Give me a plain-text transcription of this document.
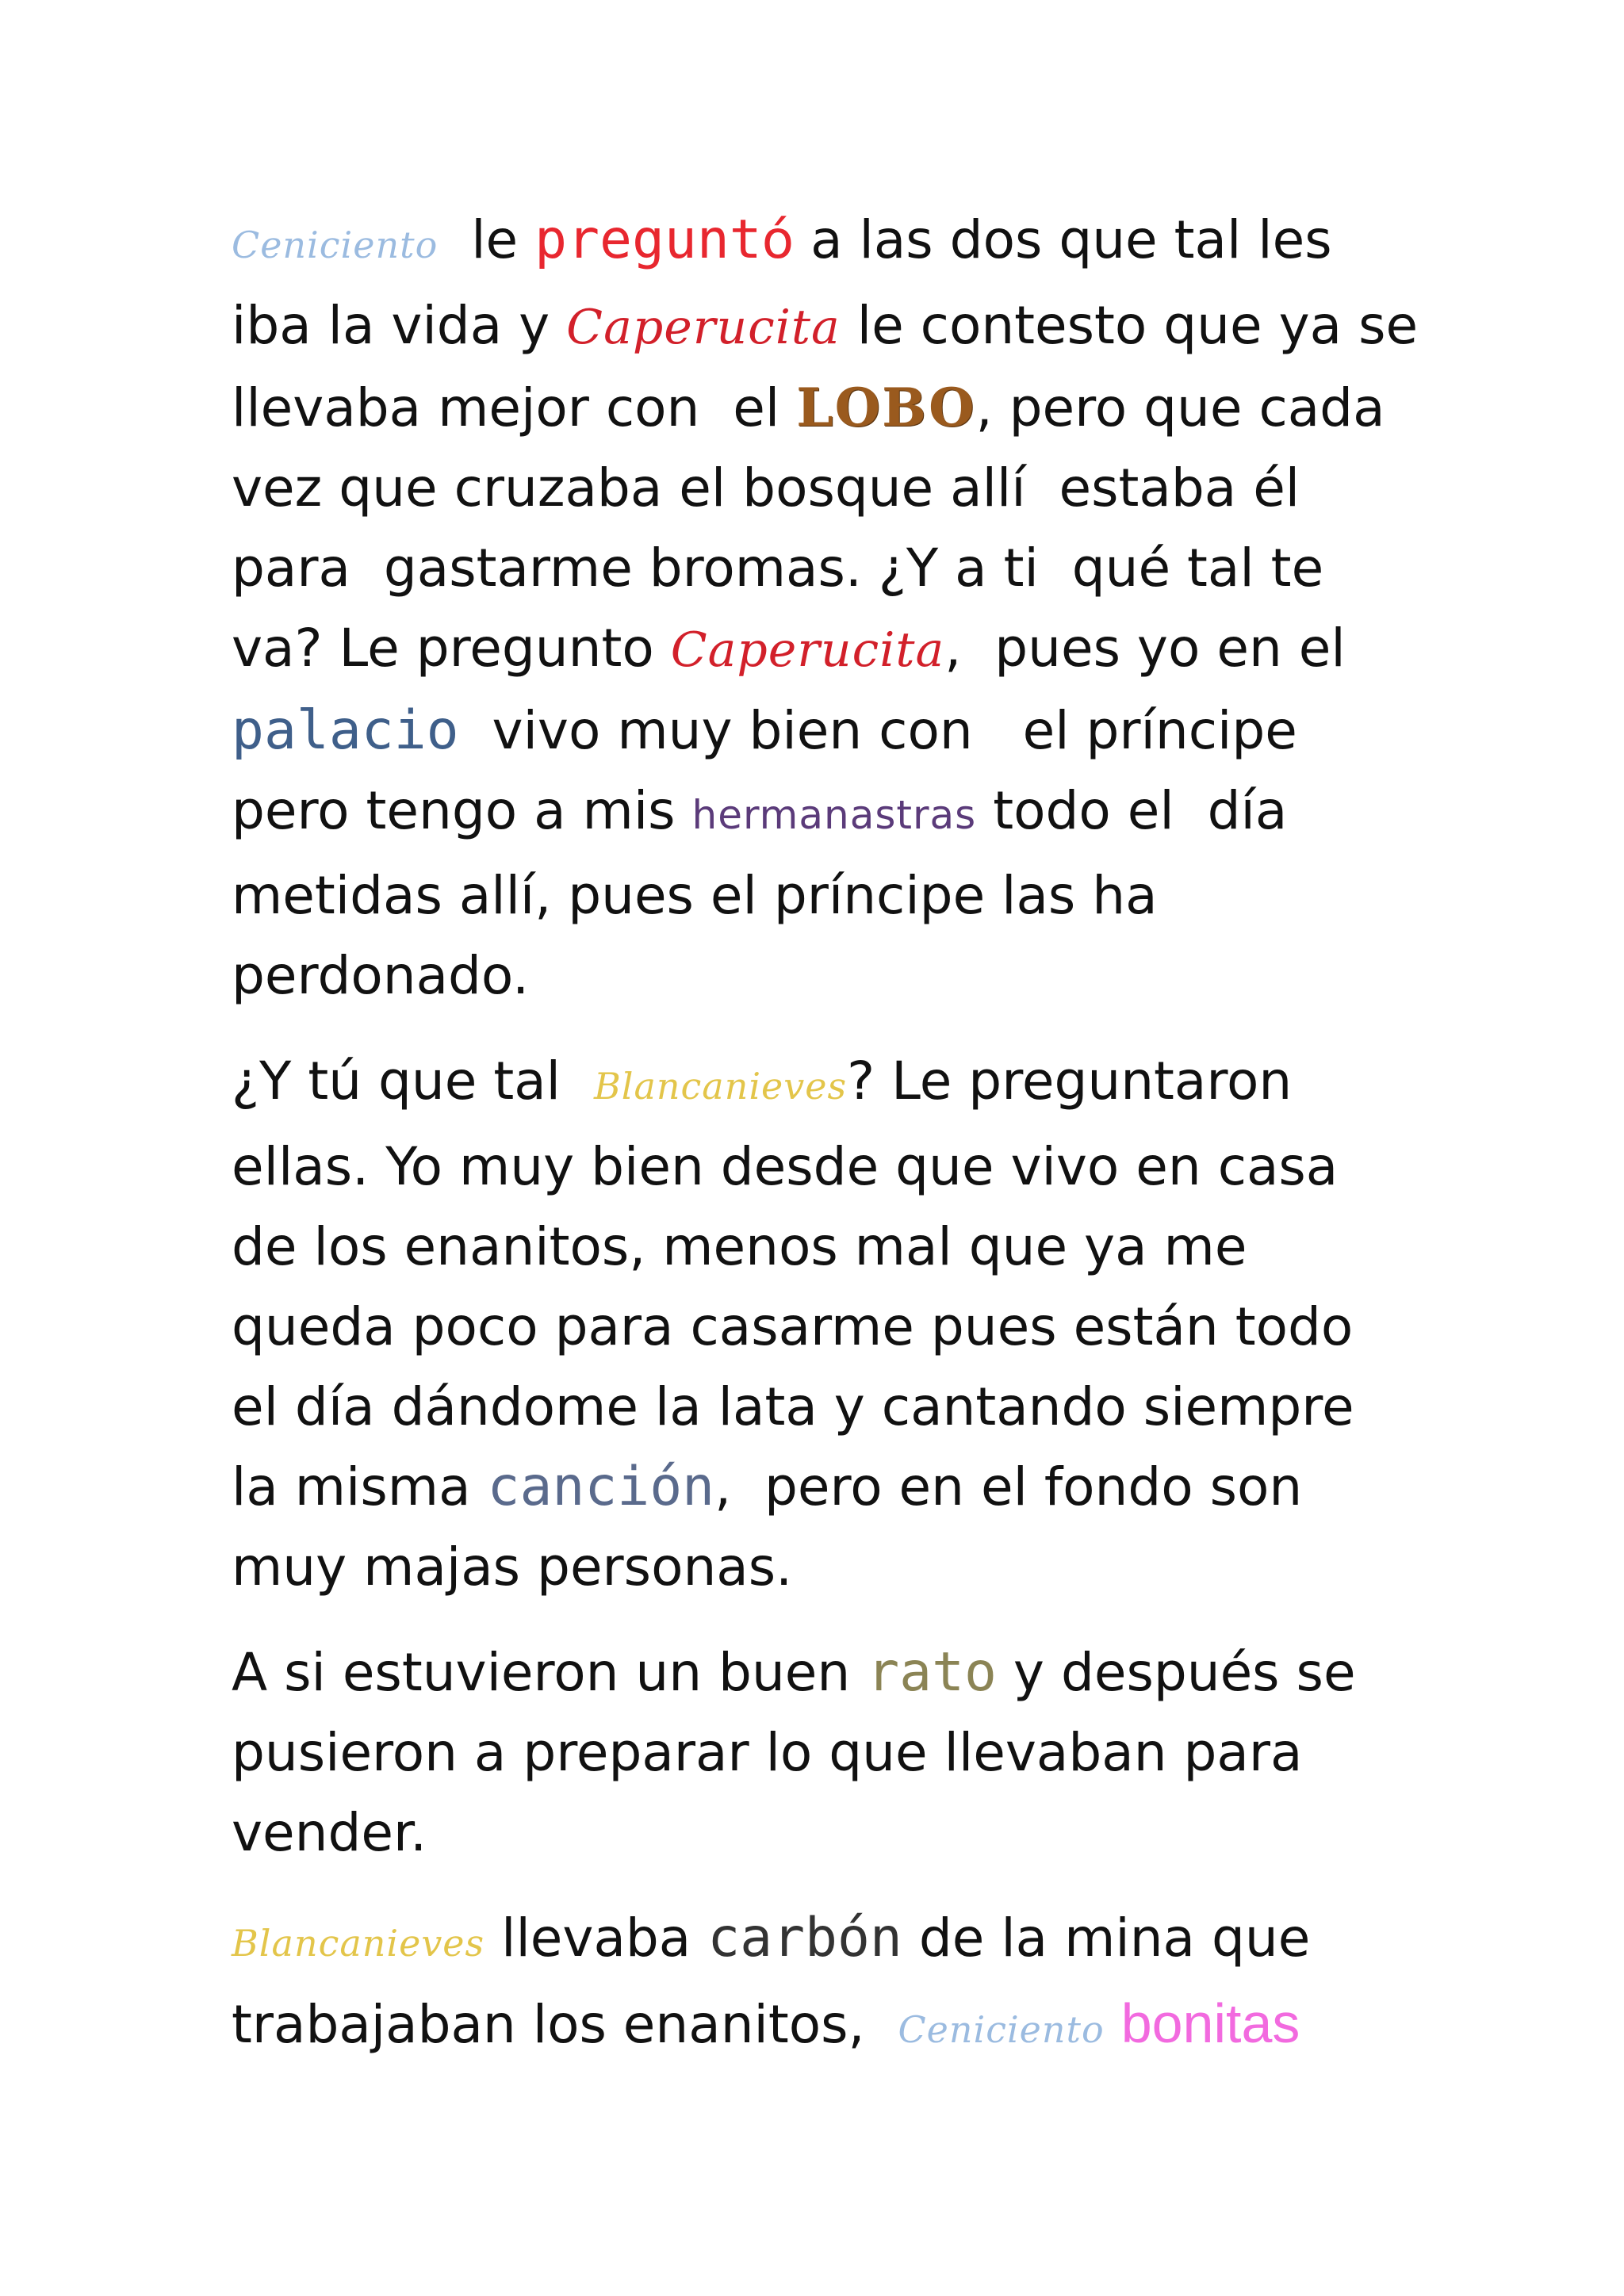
Ceniciento  le preguntó a las dos que tal les
iba la vida y Caperucita le contesto que ya se
llevaba mejor con  el LOBO, pero que cada
vez que cruzaba el bosque allí  estaba él
para  gastarme bromas. ¿Y a ti  qué tal te
va? Le pregunto Caperucita,  pues yo en el
palacio  vivo muy bien con   el príncipe
pero tengo a mis hermanastras todo el  día
metidas allí, pues el príncipe las ha
perdonado.
¿Y tú que tal  Blancanieves? Le preguntaron
ellas. Yo muy bien desde que vivo en casa
de los enanitos, menos mal que ya me
queda poco para casarme pues están todo
el día dándome la lata y cantando siempre
la misma canción,  pero en el fondo son
muy majas personas.
A si estuvieron un buen rato y después se
pusieron a preparar lo que llevaban para
vender.
Blancanieves llevaba carbón de la mina que
trabajaban los enanitos,  Ceniciento bonitas
